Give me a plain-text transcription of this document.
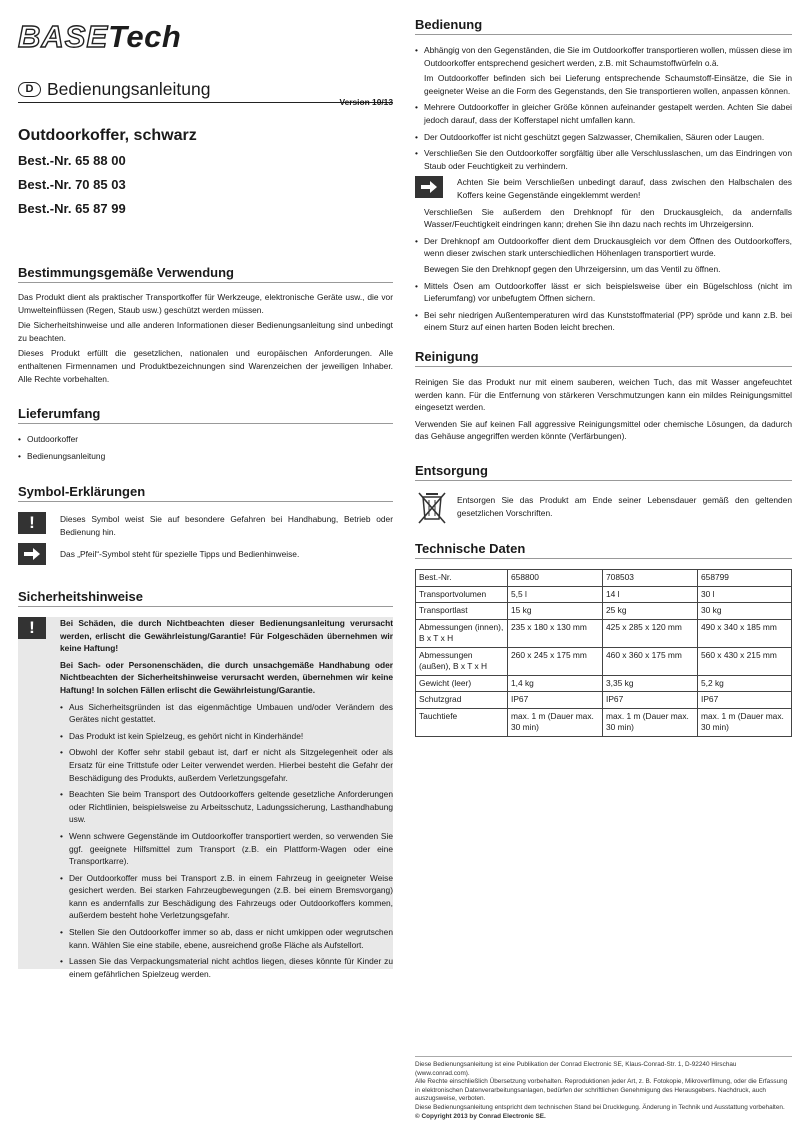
BASETech
D Bedienungsanleitung
Version 10/13
Outdoorkoffer, schwarz
Best.-Nr. 65 88 00
Best.-Nr. 70 85 03
Best.-Nr. 65 87 99
Bestimmungsgemäße Verwendung

Das Produkt dient als praktischer Transportkoffer für Werkzeuge, elektronische Geräte usw., die vor Umwelteinflüssen (Regen, Staub usw.) geschützt werden müssen.

Die Sicherheitshinweise und alle anderen Informationen dieser Bedienungsanleitung sind unbedingt zu beachten.

Dieses Produkt erfüllt die gesetzlichen, nationalen und europäischen Anforderungen. Alle enthaltenen Firmennamen und Produktbezeichnungen sind Warenzeichen der jeweiligen Inhaber. Alle Rechte vorbehalten.

Lieferumfang

• Outdoorkoffer

• Bedienungsanleitung

Symbol-Erklärungen
!	Dieses Symbol weist Sie auf besondere Gefahren bei Handhabung, Betrieb oder Bedienung hin.

Das „Pfeil“-Symbol steht für spezielle Tipps und Bedienhinweise.

Sicherheitshinweise
!	Bei Schäden, die durch Nichtbeachten dieser Bedienungsanleitung verursacht werden, erlischt die Gewährleistung/Garantie! Für Folgeschäden übernehmen wir keine Haftung!

Bei Sach- oder Personenschäden, die durch unsachgemäße Handhabung oder Nichtbeachten der Sicherheitshinweise verursacht werden, übernehmen wir keine Haftung! In solchen Fällen erlischt die Gewährleistung/Garantie.

• Aus Sicherheitsgründen ist das eigenmächtige Umbauen und/oder Verändern des Gerätes nicht gestattet.

• Das Produkt ist kein Spielzeug, es gehört nicht in Kinderhände!

• Obwohl der Koffer sehr stabil gebaut ist, darf er nicht als Sitzgelegenheit oder als Ersatz für eine Trittstufe oder Leiter verwendet werden. Hierbei besteht die Gefahr der Beschädigung des Produkts, außerdem Verletzungsgefahr.

• Beachten Sie beim Transport des Outdoorkoffers geltende gesetzliche Anforderungen oder Richtlinien, beispielsweise zu Arbeitsschutz, Ladungssicherung, Lasthandhabung usw.

• Wenn schwere Gegenstände im Outdoorkoffer transportiert werden, so verwenden Sie ggf. geeignete Hilfsmittel zum Transport (z.B. ein Plattform-Wagen oder eine Transportkarre).

• Der Outdoorkoffer muss bei Transport z.B. in einem Fahrzeug in geeigneter Weise gesichert werden. Bei starken Fahrzeugbewegungen (z.B. bei einem Bremsvorgang) kann es andernfalls zur Beschädigung des Fahrzeugs oder Outdoorkoffers kommen, außerdem besteht hohe Verletzungsgefahr.

• Stellen Sie den Outdoorkoffer immer so ab, dass er nicht umkippen oder wegrutschen kann. Wählen Sie eine stabile, ebene, ausreichend große Fläche als Aufstellort.

• Lassen Sie das Verpackungsmaterial nicht achtlos liegen, dieses könnte für Kinder zu einem gefährlichen Spielzeug werden.

Bedienung

• Abhängig von den Gegenständen, die Sie im Outdoorkoffer transportieren wollen, müssen diese im Outdoorkoffer entsprechend gesichert werden, z.B. mit Schaumstoffwürfeln o.ä.

Im Outdoorkoffer befinden sich bei Lieferung entsprechende Schaumstoff-Einsätze, die Sie in geeigneter Weise an die Form des Gegenstands, den Sie transportieren wollen, anpassen können.

• Mehrere Outdoorkoffer in gleicher Größe können aufeinander gestapelt werden. Achten Sie dabei jedoch darauf, dass der Kofferstapel nicht umfallen kann.

• Der Outdoorkoffer ist nicht geschützt gegen Salzwasser, Chemikalien, Säuren oder Laugen.

• Verschließen Sie den Outdoorkoffer sorgfältig über alle Verschlusslaschen, um das Eindringen von Staub oder Feuchtigkeit zu verhindern.

Achten Sie beim Verschließen unbedingt darauf, dass zwischen den Halbschalen des Koffers keine Gegenstände eingeklemmt werden!

Verschließen Sie außerdem den Drehknopf für den Druckausgleich, da andernfalls Wasser/Feuchtigkeit eindringen kann; drehen Sie ihn dazu nach rechts im Uhrzeigersinn.

• Der Drehknopf am Outdoorkoffer dient dem Druckausgleich vor dem Öffnen des Outdoorkoffers, wenn dieser zwischen stark unterschiedlichen Höhenlagen transportiert wurde.

Bewegen Sie den Drehknopf gegen den Uhrzeigersinn, um das Ventil zu öffnen.

• Mittels Ösen am Outdoorkoffer lässt er sich beispielsweise über ein Bügelschloss (nicht im Lieferumfang) vor unbefugtem Öffnen sichern.

• Bei sehr niedrigen Außentemperaturen wird das Kunststoffmaterial (PP) spröde und kann z.B. bei einem Sturz auf einen harten Boden leicht brechen.

Reinigung

Reinigen Sie das Produkt nur mit einem sauberen, weichen Tuch, das mit Wasser angefeuchtet werden kann. Für die Entfernung von stärkeren Verschmutzungen kann ein mildes Reinigungsmittel eingesetzt werden.

Verwenden Sie auf keinen Fall aggressive Reinigungsmittel oder chemische Lösungen, da dadurch das Gehäuse angegriffen werden könnte (Verfärbungen).

Entsorgung

Entsorgen Sie das Produkt am Ende seiner Lebensdauer gemäß den geltenden gesetzlichen Vorschriften.

Technische Daten
Best.-Nr.	658800	708503	658799
Transportvolumen	5,5 l	14 l	30 l
Transportlast	15 kg	25 kg	30 kg
Abmessungen (innen), B x T x H	235 x 180 x 130 mm	425 x 285 x 120 mm	490 x 340 x 185 mm
Abmessungen (außen), B x T x H	260 x 245 x 175 mm	460 x 360 x 175 mm	560 x 430 x 215 mm
Gewicht (leer)	1,4 kg	3,35 kg	5,2 kg
Schutzgrad	IP67	IP67	IP67
Tauchtiefe	max. 1 m (Dauer max. 30 min)	max. 1 m (Dauer max. 30 min)	max. 1 m (Dauer max. 30 min)

Diese Bedienungsanleitung ist eine Publikation der Conrad Electronic SE, Klaus-Conrad-Str. 1, D-92240 Hirschau (www.conrad.com).

Alle Rechte einschließlich Übersetzung vorbehalten. Reproduktionen jeder Art, z. B. Fotokopie, Mikroverfilmung, oder die Erfassung in elektronischen Datenverarbeitungsanlagen, bedürfen der schriftlichen Genehmigung des Herausgebers. Nachdruck, auch auszugsweise, verboten.

Diese Bedienungsanleitung entspricht dem technischen Stand bei Drucklegung. Änderung in Technik und Ausstattung vorbehalten.

© Copyright 2013 by Conrad Electronic SE.
